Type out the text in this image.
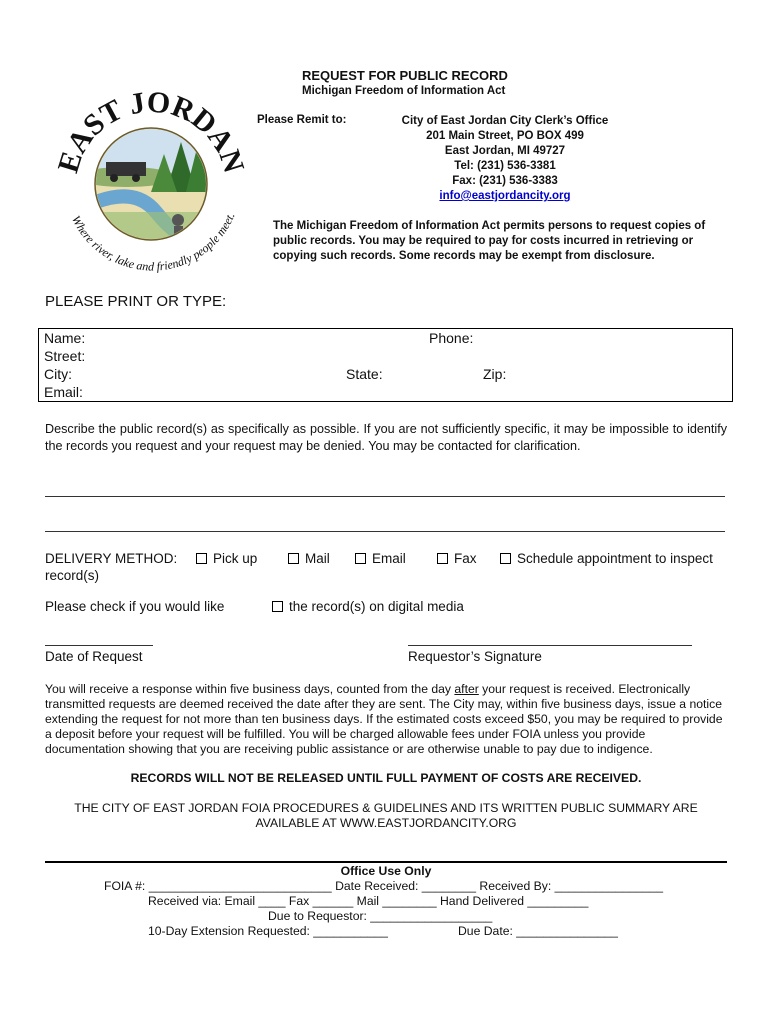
EAST JORDAN
Where river, lake and friendly people meet.
REQUEST FOR PUBLIC RECORD
Michigan Freedom of Information Act
Please Remit to:	City of East Jordan City Clerk’s Office
201 Main Street, PO BOX 499
East Jordan, MI 49727
Tel: (231) 536-3381
Fax: (231) 536-3383
info@eastjordancity.org
The Michigan Freedom of Information Act permits persons to request copies of public records. You may be required to pay for costs incurred in retrieving or copying such records. Some records may be exempt from disclosure.
PLEASE PRINT OR TYPE:
Name:	Phone:
Street:
City:	State:	Zip:
Email:
Describe the public record(s) as specifically as possible. If you are not sufficiently specific, it may be impossible to identify the records you request and your request may be denied. You may be contacted for clarification.
DELIVERY METHOD:	Pick up	Mail	Email	Fax	Schedule appointment to inspect
record(s)
Please check if you would like	the record(s) on digital media
Date of Request	Requestor’s Signature
You will receive a response within five business days, counted from the day after your request is received. Electronically transmitted requests are deemed received the date after they are sent. The City may, within five business days, issue a notice extending the request for not more than ten business days. If the estimated costs exceed $50, you may be required to provide a deposit before your request will be fulfilled. You will be charged allowable fees under FOIA unless you provide documentation showing that you are receiving public assistance or are otherwise unable to pay due to indigence.
RECORDS WILL NOT BE RELEASED UNTIL FULL PAYMENT OF COSTS ARE RECEIVED.
THE CITY OF EAST JORDAN FOIA PROCEDURES & GUIDELINES AND ITS WRITTEN PUBLIC SUMMARY ARE
AVAILABLE AT WWW.EASTJORDANCITY.ORG
Office Use Only
FOIA #: ___________________________ Date Received: ________ Received By: ________________
Received via: Email ____ Fax ______ Mail ________ Hand Delivered _________
Due to Requestor: __________________
10-Day Extension Requested: ___________	Due Date: _______________
